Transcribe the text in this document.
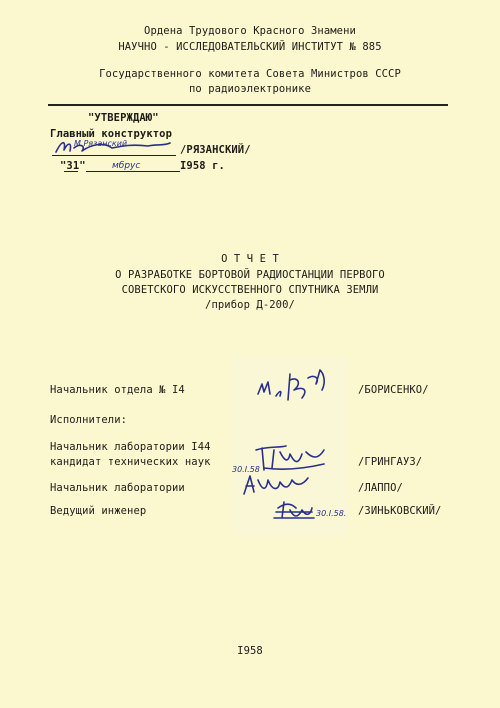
Ордена Трудового Красного Знамени
НАУЧНО - ИССЛЕДОВАТЕЛЬСКИЙ ИНСТИТУТ № 885
Государственного комитета Совета Министров СССР
по радиоэлектронике
"УТВЕРЖДАЮ"
Главный конструктор
/РЯЗАНСКИЙ/
М.Рязанский
"31"	мбрус	I958 г.
О Т Ч Е Т
О РАЗРАБОТКЕ БОРТОВОЙ РАДИОСТАНЦИИ ПЕРВОГО
СОВЕТСКОГО ИСКУССТВЕННОГО СПУТНИКА ЗЕМЛИ
/прибор Д-200/
Начальник отдела № I4	/БОРИСЕНКО/
Исполнители:
Начальник лаборатории I44
кандидат технических наук	/ГРИНГАУЗ/
30.I.58
Начальник лаборатории	/ЛАППО/
Ведущий инженер	/ЗИНЬКОВСКИЙ/
30.I.58.
I958
